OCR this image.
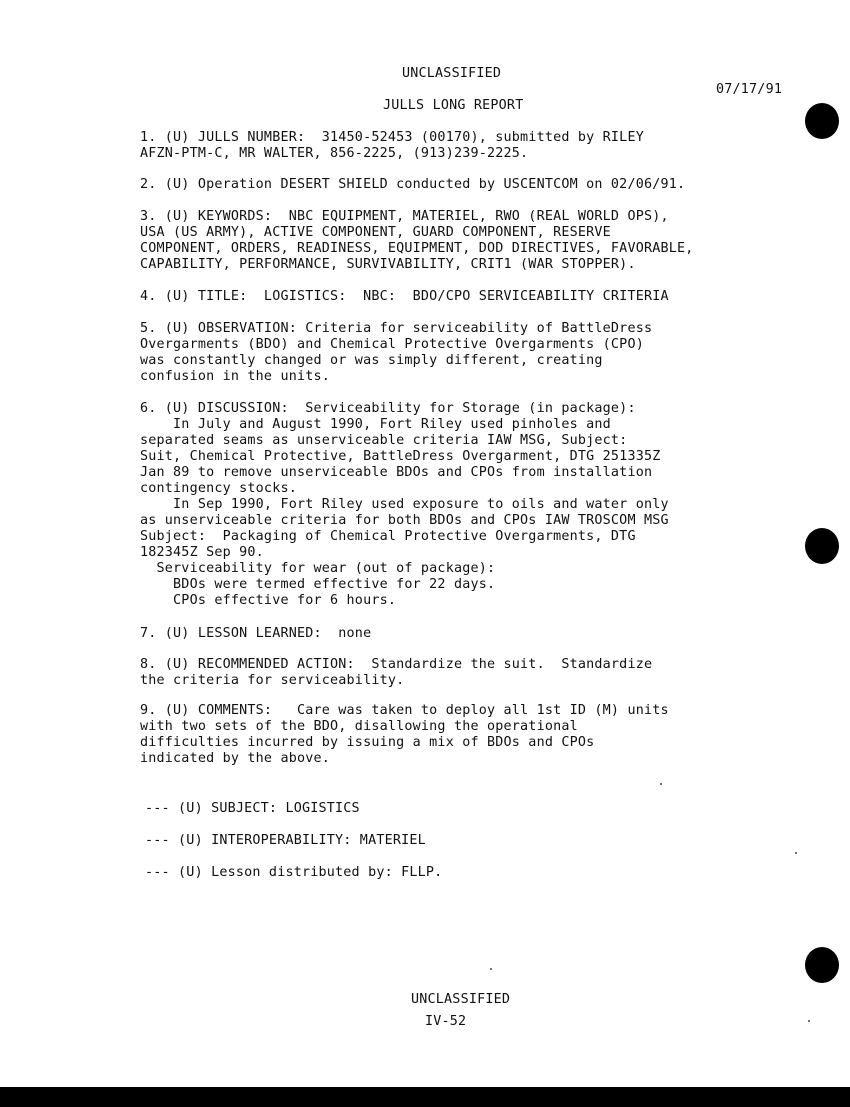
UNCLASSIFIED
07/17/91
JULLS LONG REPORT
1. (U) JULLS NUMBER:  31450-52453 (00170), submitted by RILEY
AFZN-PTM-C, MR WALTER, 856-2225, (913)239-2225.
2. (U) Operation DESERT SHIELD conducted by USCENTCOM on 02/06/91.
3. (U) KEYWORDS:  NBC EQUIPMENT, MATERIEL, RWO (REAL WORLD OPS),
USA (US ARMY), ACTIVE COMPONENT, GUARD COMPONENT, RESERVE
COMPONENT, ORDERS, READINESS, EQUIPMENT, DOD DIRECTIVES, FAVORABLE,
CAPABILITY, PERFORMANCE, SURVIVABILITY, CRIT1 (WAR STOPPER).
4. (U) TITLE:  LOGISTICS:  NBC:  BDO/CPO SERVICEABILITY CRITERIA
5. (U) OBSERVATION: Criteria for serviceability of BattleDress
Overgarments (BDO) and Chemical Protective Overgarments (CPO)
was constantly changed or was simply different, creating
confusion in the units.
6. (U) DISCUSSION:  Serviceability for Storage (in package):
In July and August 1990, Fort Riley used pinholes and
separated seams as unserviceable criteria IAW MSG, Subject:
Suit, Chemical Protective, BattleDress Overgarment, DTG 251335Z
Jan 89 to remove unserviceable BDOs and CPOs from installation
contingency stocks.
In Sep 1990, Fort Riley used exposure to oils and water only
as unserviceable criteria for both BDOs and CPOs IAW TROSCOM MSG
Subject:  Packaging of Chemical Protective Overgarments, DTG
182345Z Sep 90.
Serviceability for wear (out of package):
BDOs were termed effective for 22 days.
CPOs effective for 6 hours.
7. (U) LESSON LEARNED:  none
8. (U) RECOMMENDED ACTION:  Standardize the suit.  Standardize
the criteria for serviceability.
9. (U) COMMENTS:   Care was taken to deploy all 1st ID (M) units
with two sets of the BDO, disallowing the operational
difficulties incurred by issuing a mix of BDOs and CPOs
indicated by the above.
--- (U) SUBJECT: LOGISTICS
--- (U) INTEROPERABILITY: MATERIEL
--- (U) Lesson distributed by: FLLP.
UNCLASSIFIED
IV-52
